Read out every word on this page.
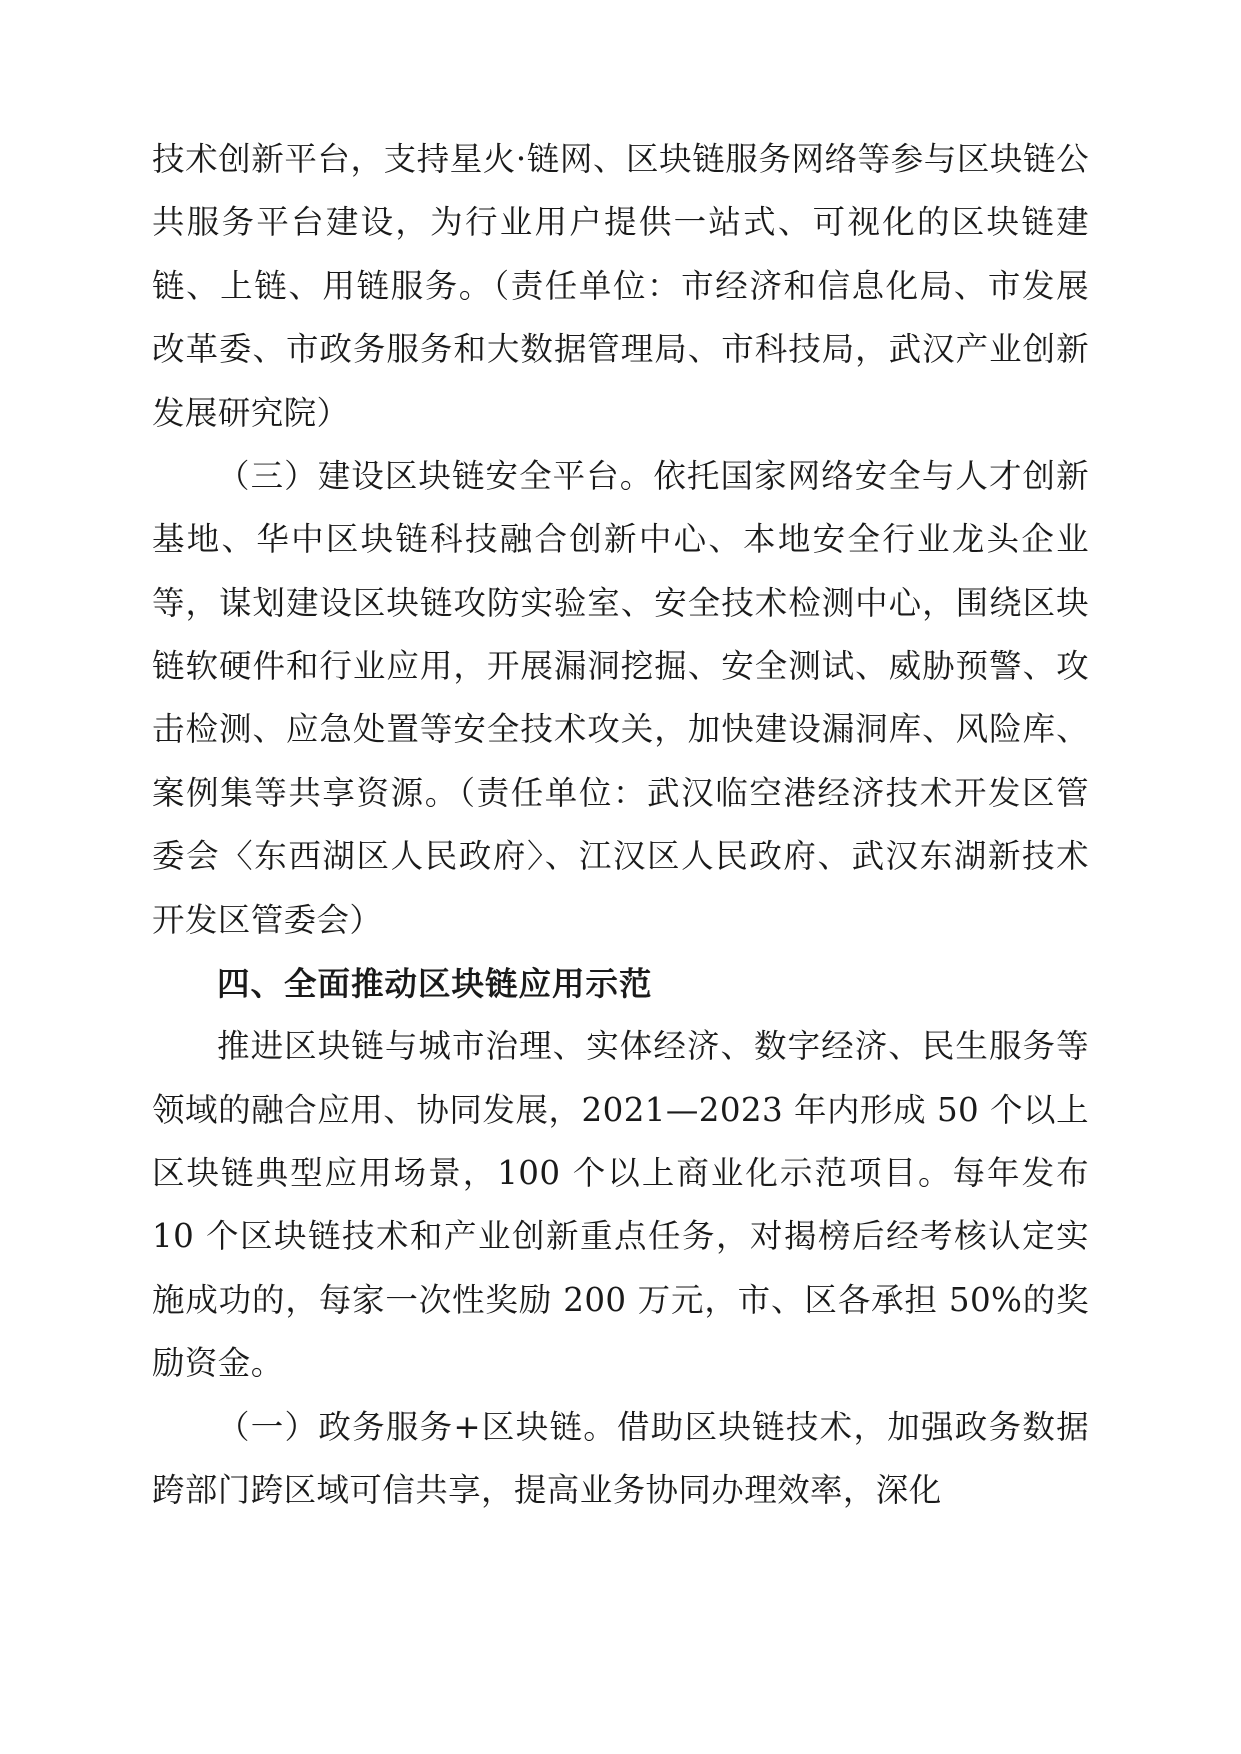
技术创新平台，支持星火·链网、区块链服务网络等参与区块链公共服务平台建设，为行业用户提供一站式、可视化的区块链建链、上链、用链服务。（责任单位：市经济和信息化局、市发展改革委、市政务服务和大数据管理局、市科技局，武汉产业创新发展研究院）

（三）建设区块链安全平台。依托国家网络安全与人才创新基地、华中区块链科技融合创新中心、本地安全行业龙头企业等，谋划建设区块链攻防实验室、安全技术检测中心，围绕区块链软硬件和行业应用，开展漏洞挖掘、安全测试、威胁预警、攻击检测、应急处置等安全技术攻关，加快建设漏洞库、风险库、案例集等共享资源。（责任单位：武汉临空港经济技术开发区管委会〈东西湖区人民政府〉、江汉区人民政府、武汉东湖新技术开发区管委会）

四、全面推动区块链应用示范

推进区块链与城市治理、实体经济、数字经济、民生服务等领域的融合应用、协同发展，2021—2023 年内形成 50 个以上区块链典型应用场景，100 个以上商业化示范项目。每年发布 10 个区块链技术和产业创新重点任务，对揭榜后经考核认定实施成功的，每家一次性奖励 200 万元，市、区各承担 50%的奖励资金。

（一）政务服务+区块链。借助区块链技术，加强政务数据跨部门跨区域可信共享，提高业务协同办理效率，深化
